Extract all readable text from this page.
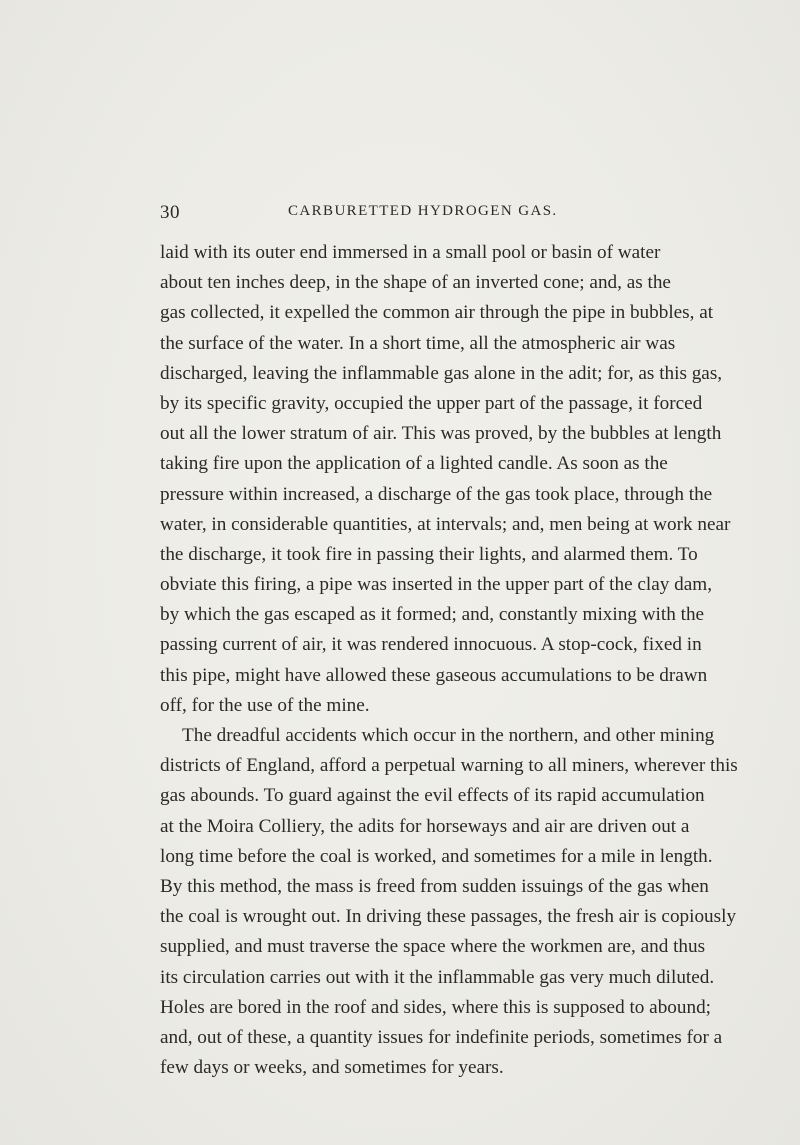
30	CARBURETTED HYDROGEN GAS.
laid with its outer end immersed in a small pool or basin of water
about ten inches deep, in the shape of an inverted cone; and, as the
gas collected, it expelled the common air through the pipe in bubbles, at
the surface of the water. In a short time, all the atmospheric air was
discharged, leaving the inflammable gas alone in the adit; for, as this gas,
by its specific gravity, occupied the upper part of the passage, it forced
out all the lower stratum of air. This was proved, by the bubbles at length
taking fire upon the application of a lighted candle. As soon as the
pressure within increased, a discharge of the gas took place, through the
water, in considerable quantities, at intervals; and, men being at work near
the discharge, it took fire in passing their lights, and alarmed them. To
obviate this firing, a pipe was inserted in the upper part of the clay dam,
by which the gas escaped as it formed; and, constantly mixing with the
passing current of air, it was rendered innocuous. A stop-cock, fixed in
this pipe, might have allowed these gaseous accumulations to be drawn
off, for the use of the mine.
The dreadful accidents which occur in the northern, and other mining
districts of England, afford a perpetual warning to all miners, wherever this
gas abounds. To guard against the evil effects of its rapid accumulation
at the Moira Colliery, the adits for horseways and air are driven out a
long time before the coal is worked, and sometimes for a mile in length.
By this method, the mass is freed from sudden issuings of the gas when
the coal is wrought out. In driving these passages, the fresh air is copiously
supplied, and must traverse the space where the workmen are, and thus
its circulation carries out with it the inflammable gas very much diluted.
Holes are bored in the roof and sides, where this is supposed to abound;
and, out of these, a quantity issues for indefinite periods, sometimes for a
few days or weeks, and sometimes for years.
